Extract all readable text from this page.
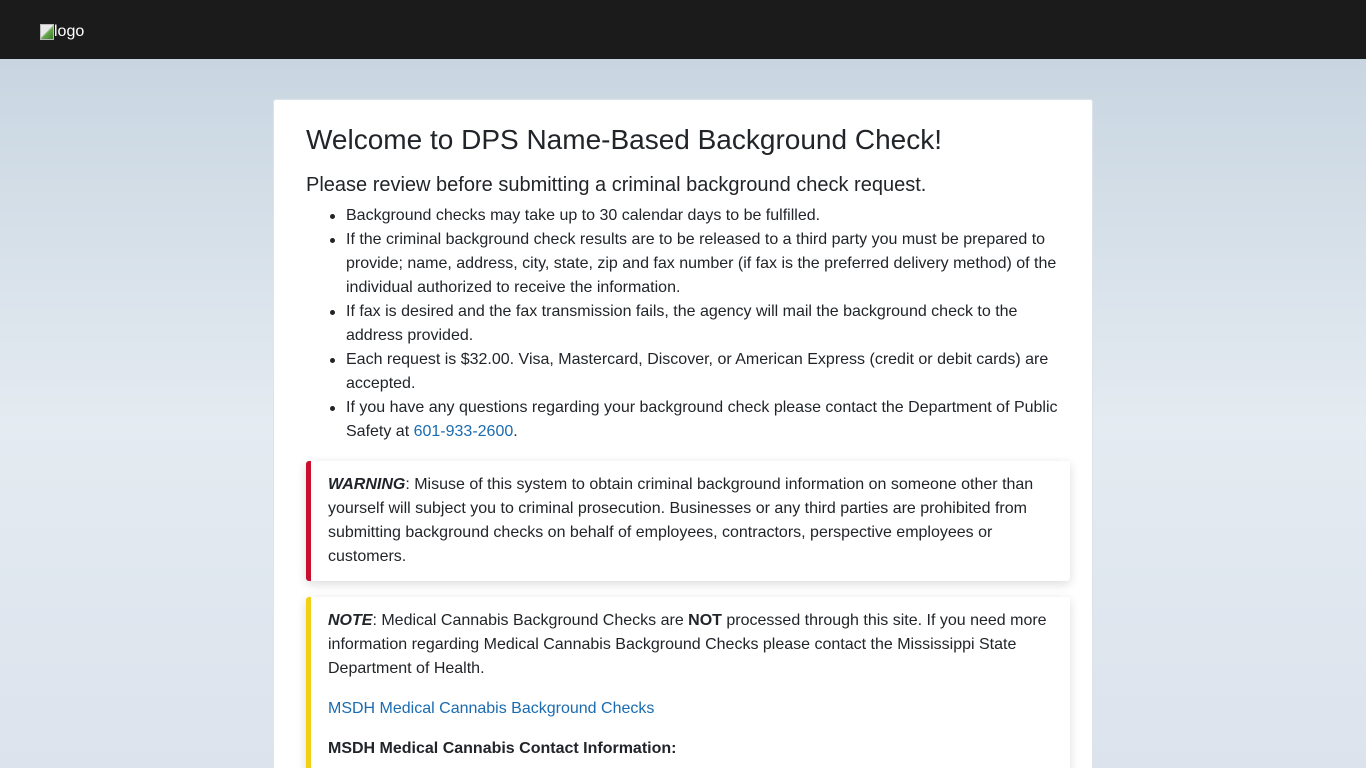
logo
Welcome to DPS Name-Based Background Check!
Please review before submitting a criminal background check request.
Background checks may take up to 30 calendar days to be fulfilled.
If the criminal background check results are to be released to a third party you must be prepared to provide; name, address, city, state, zip and fax number (if fax is the preferred delivery method) of the individual authorized to receive the information.
If fax is desired and the fax transmission fails, the agency will mail the background check to the address provided.
Each request is $32.00. Visa, Mastercard, Discover, or American Express (credit or debit cards) are accepted.
If you have any questions regarding your background check please contact the Department of Public Safety at 601-933-2600.

WARNING: Misuse of this system to obtain criminal background information on someone other than yourself will subject you to criminal prosecution. Businesses or any third parties are prohibited from submitting background checks on behalf of employees, contractors, perspective employees or customers.

NOTE: Medical Cannabis Background Checks are NOT processed through this site. If you need more information regarding Medical Cannabis Background Checks please contact the Mississippi State Department of Health.

MSDH Medical Cannabis Background Checks

MSDH Medical Cannabis Contact Information:
